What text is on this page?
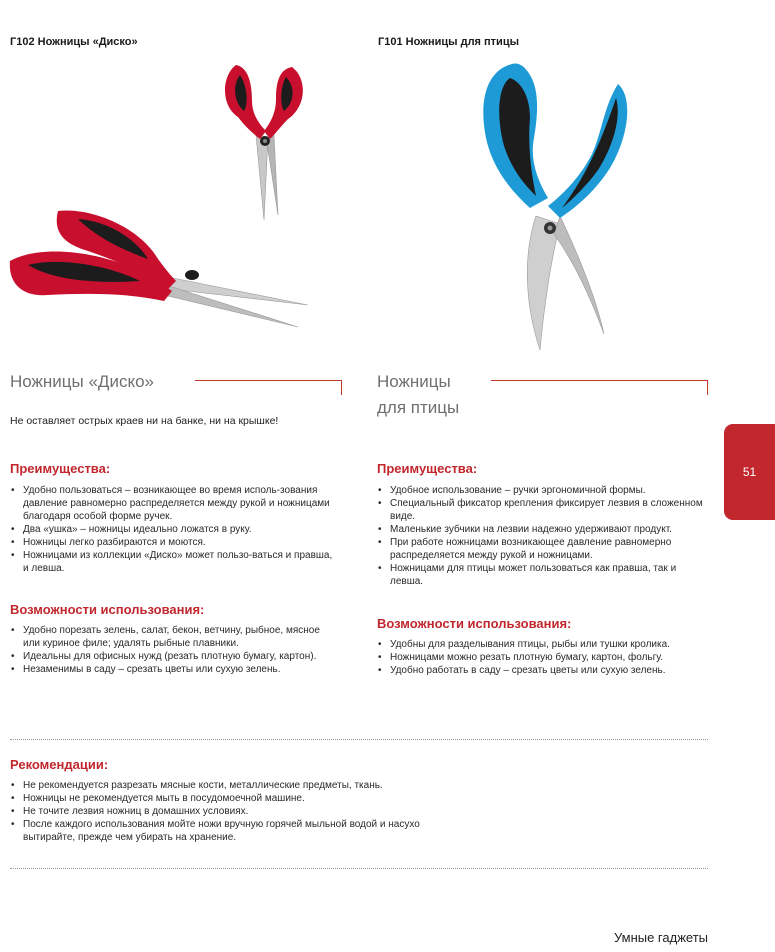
Г102 Ножницы «Диско»	Г101 Ножницы для птицы
Ножницы «Диско»	Ножницы
для птицы
Не оставляет острых краев ни на банке, ни на крышке!
Преимущества:
• Удобно пользоваться – возникающее во время исполь-зования давление равномерно распределяется между рукой и ножницами благодаря особой форме ручек.
• Два «ушка» – ножницы идеально ложатся в руку.
• Ножницы легко разбираются и моются.
• Ножницами из коллекции «Диско» может пользо-ваться и правша, и левша.
Возможности использования:
• Удобно порезать зелень, салат, бекон, ветчину, рыбное, мясное или куриное филе; удалять рыбные плавники.
• Идеальны для офисных нужд (резать плотную бумагу, картон).
• Незаменимы в саду – срезать цветы или сухую зелень.
Преимущества:
• Удобное использование – ручки эргономичной формы.
• Специальный фиксатор крепления фиксирует лезвия в сложенном виде.
• Маленькие зубчики на лезвии надежно удерживают продукт.
• При работе ножницами возникающее давление равномерно распределяется между рукой и ножницами.
• Ножницами для птицы может пользоваться как правша, так и левша.
Возможности использования:
• Удобны для разделывания птицы, рыбы или тушки кролика.
• Ножницами можно резать плотную бумагу, картон, фольгу.
• Удобно работать в саду – срезать цветы или сухую зелень.
Рекомендации:
• Не рекомендуется разрезать мясные кости, металлические предметы, ткань.
• Ножницы не рекомендуется мыть в посудомоечной машине.
• Не точите лезвия ножниц в домашних условиях.
• После каждого использования мойте ножи вручную горячей мыльной водой и насухо вытирайте, прежде чем убирать на хранение.
51
Умные гаджеты
